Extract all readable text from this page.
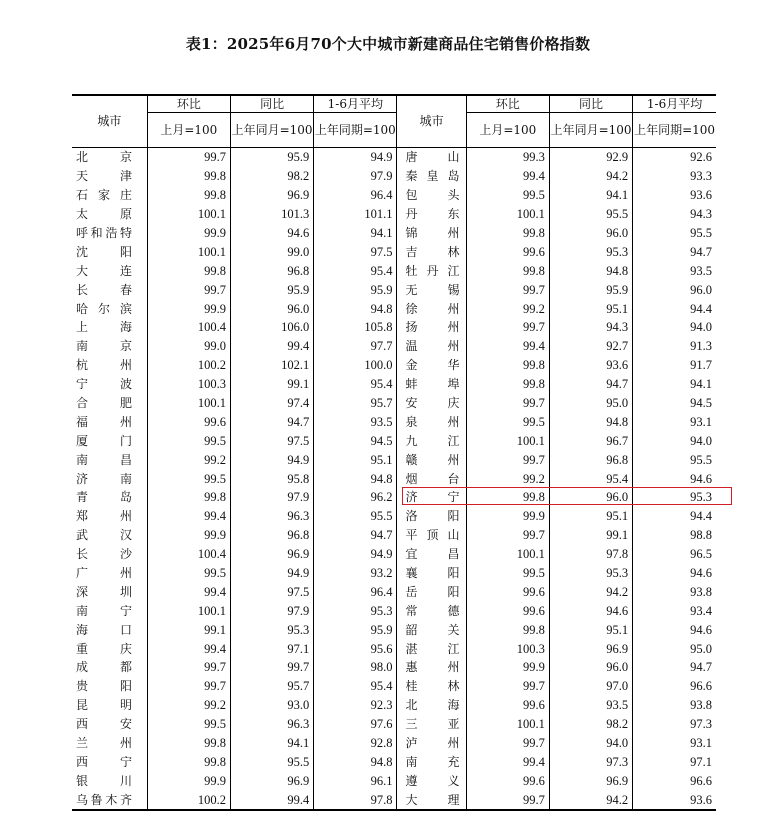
表1：2025年6月70个大中城市新建商品住宅销售价格指数
城市	环比	同比	1-6月平均	城市	环比	同比	1-6月平均
	上月=100	上年同月=100	上年同期=100		上月=100	上年同月=100	上年同期=100

北京	99.7	95.9	94.9	唐山	99.3	92.9	92.6

天津	99.8	98.2	97.9	秦皇岛	99.4	94.2	93.3

石家庄	99.8	96.9	96.4	包头	99.5	94.1	93.6

太原	100.1	101.3	101.1	丹东	100.1	95.5	94.3

呼和浩特	99.9	94.6	94.1	锦州	99.8	96.0	95.5

沈阳	100.1	99.0	97.5	吉林	99.6	95.3	94.7

大连	99.8	96.8	95.4	牡丹江	99.8	94.8	93.5

长春	99.7	95.9	95.9	无锡	99.7	95.9	96.0

哈尔滨	99.9	96.0	94.8	徐州	99.2	95.1	94.4

上海	100.4	106.0	105.8	扬州	99.7	94.3	94.0

南京	99.0	99.4	97.7	温州	99.4	92.7	91.3

杭州	100.2	102.1	100.0	金华	99.8	93.6	91.7

宁波	100.3	99.1	95.4	蚌埠	99.8	94.7	94.1

合肥	100.1	97.4	95.7	安庆	99.7	95.0	94.5

福州	99.6	94.7	93.5	泉州	99.5	94.8	93.1

厦门	99.5	97.5	94.5	九江	100.1	96.7	94.0

南昌	99.2	94.9	95.1	赣州	99.7	96.8	95.5

济南	99.5	95.8	94.8	烟台	99.2	95.4	94.6

青岛	99.8	97.9	96.2	济宁	99.8	96.0	95.3

郑州	99.4	96.3	95.5	洛阳	99.9	95.1	94.4

武汉	99.9	96.8	94.7	平顶山	99.7	99.1	98.8

长沙	100.4	96.9	94.9	宜昌	100.1	97.8	96.5

广州	99.5	94.9	93.2	襄阳	99.5	95.3	94.6

深圳	99.4	97.5	96.4	岳阳	99.6	94.2	93.8

南宁	100.1	97.9	95.3	常德	99.6	94.6	93.4

海口	99.1	95.3	95.9	韶关	99.8	95.1	94.6

重庆	99.4	97.1	95.6	湛江	100.3	96.9	95.0

成都	99.7	99.7	98.0	惠州	99.9	96.0	94.7

贵阳	99.7	95.7	95.4	桂林	99.7	97.0	96.6

昆明	99.2	93.0	92.3	北海	99.6	93.5	93.8

西安	99.5	96.3	97.6	三亚	100.1	98.2	97.3

兰州	99.8	94.1	92.8	泸州	99.7	94.0	93.1

西宁	99.8	95.5	94.8	南充	99.4	97.3	97.1

银川	99.9	96.9	96.1	遵义	99.6	96.9	96.6

乌鲁木齐	100.2	99.4	97.8	大理	99.7	94.2	93.6
